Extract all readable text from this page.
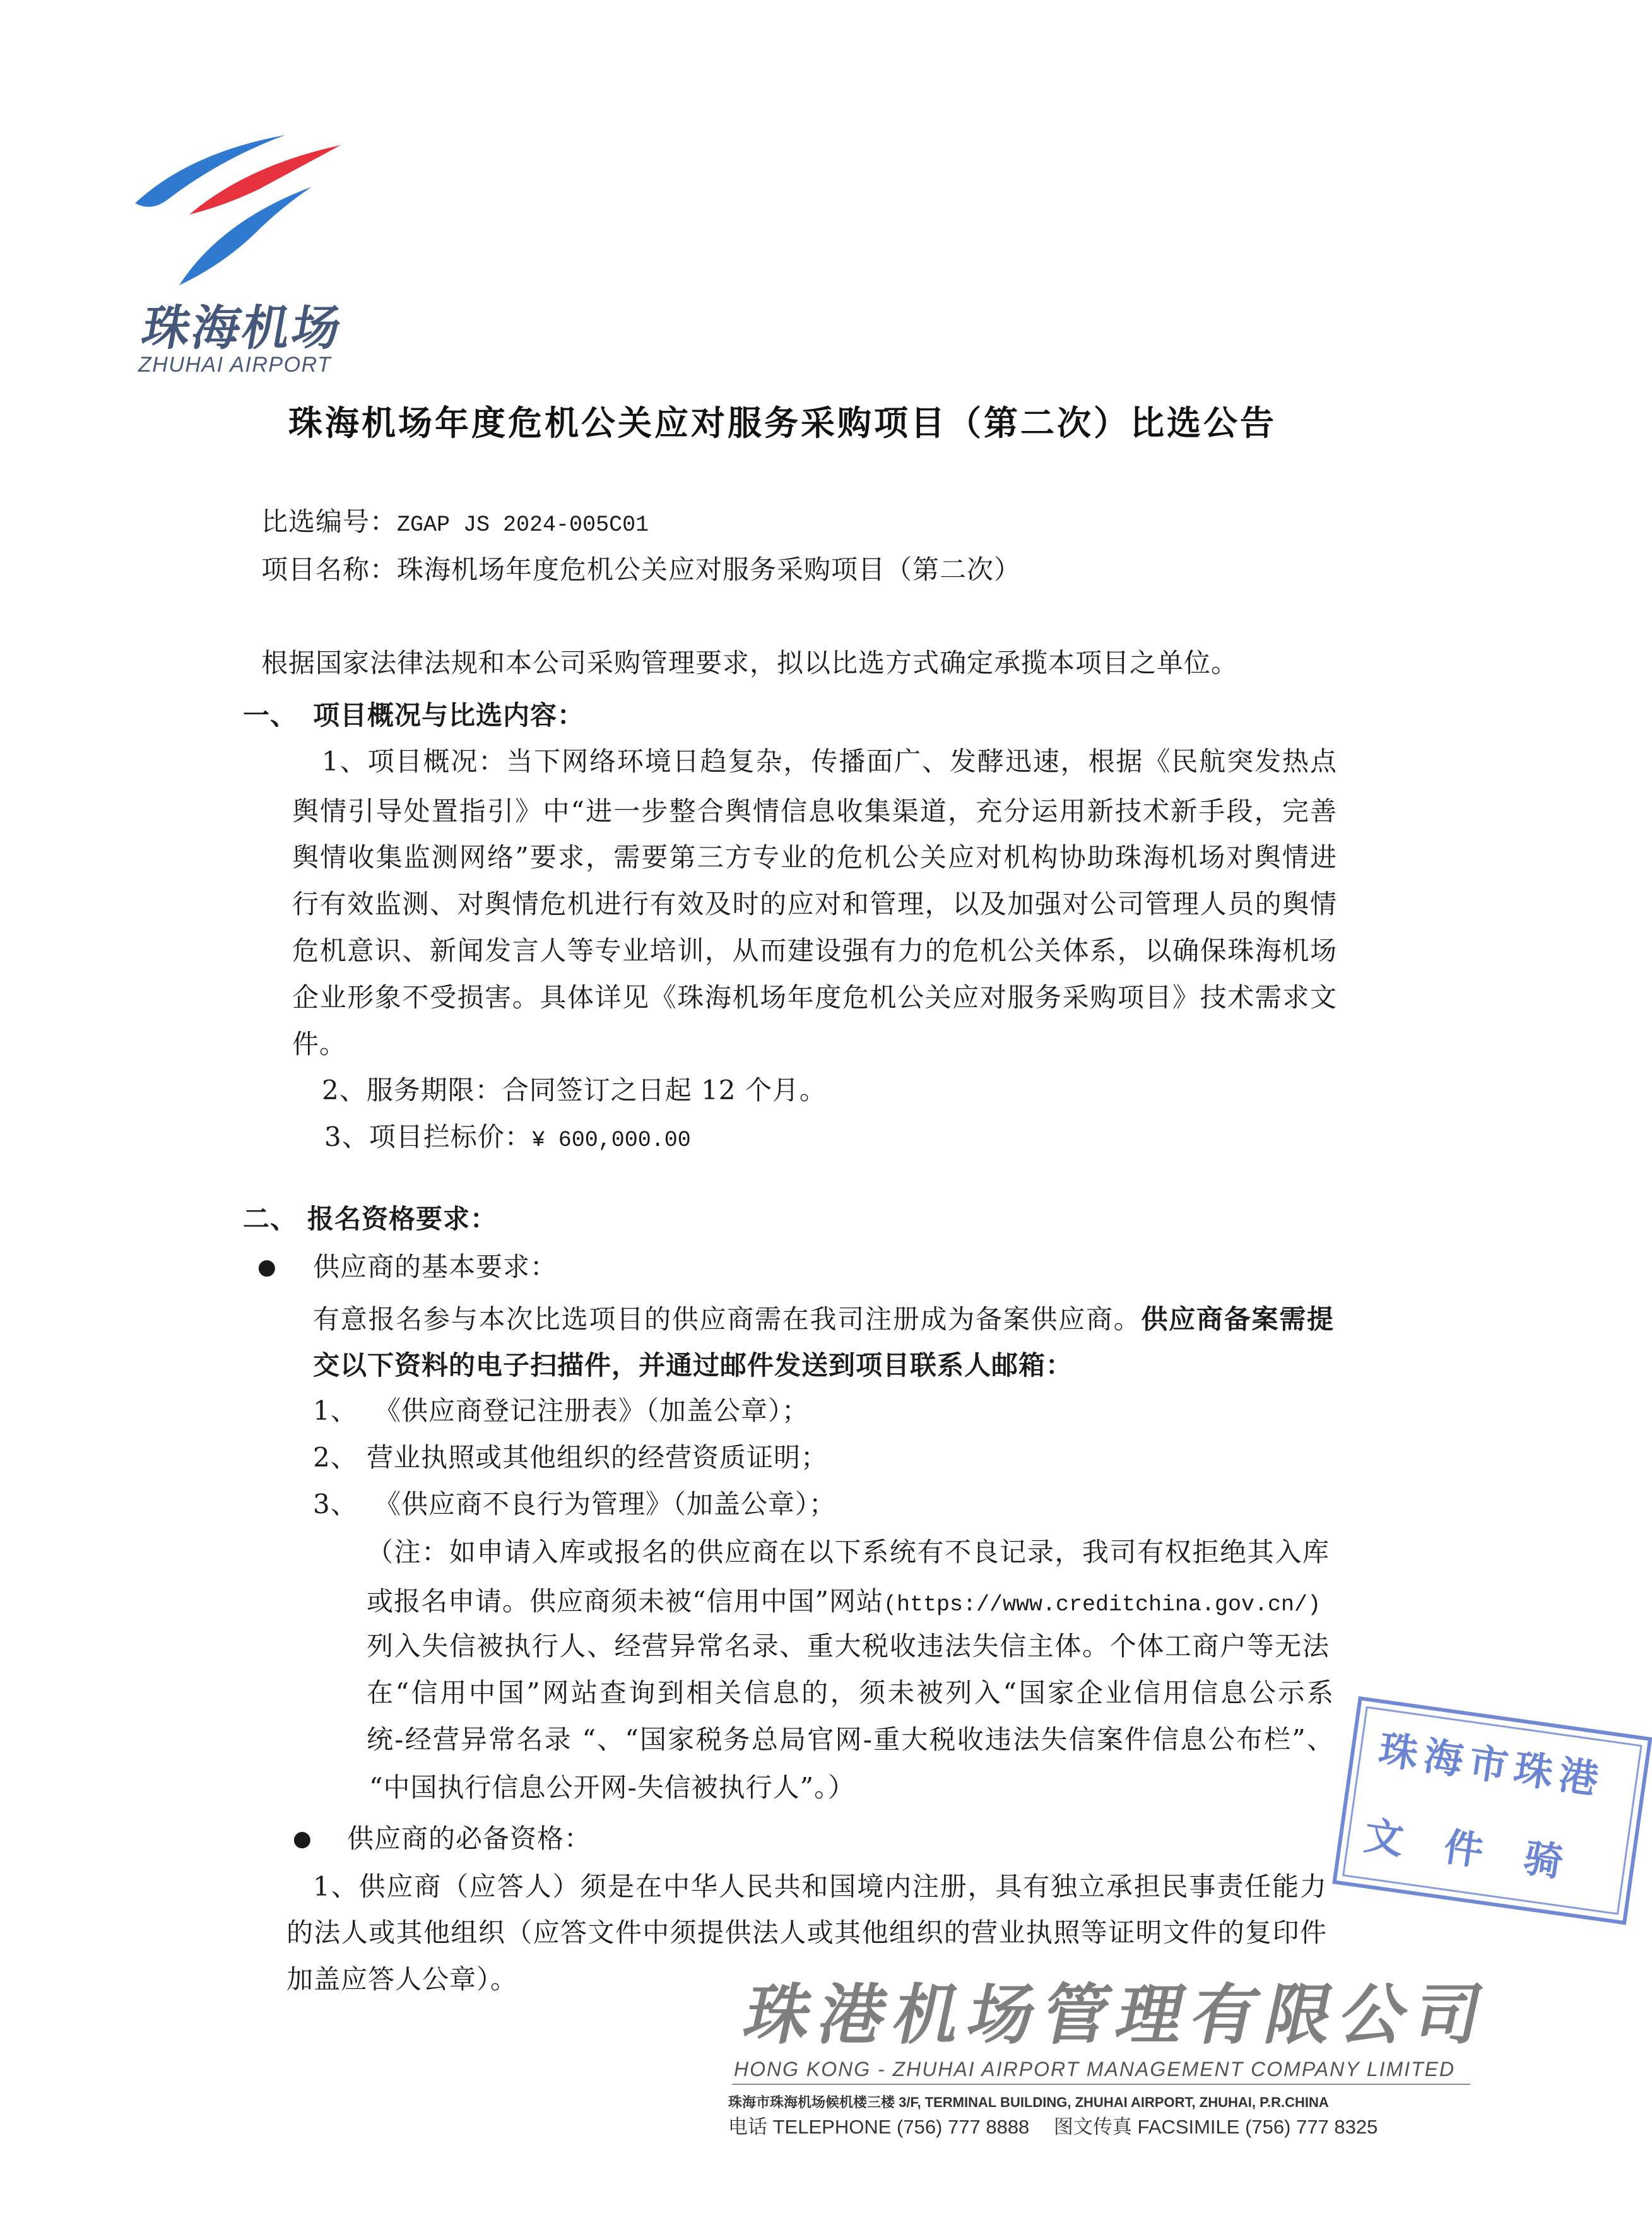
珠海机场
ZHUHAI AIRPORT
珠海机场年度危机公关应对服务采购项目（第二次）比选公告
比选编号：ZGAP JS 2024-005C01
项目名称：珠海机场年度危机公关应对服务采购项目（第二次）
根据国家法律法规和本公司采购管理要求，拟以比选方式确定承揽本项目之单位。
一、 项目概况与比选内容：
1、项目概况：当下网络环境日趋复杂，传播面广、发酵迅速，根据《民航突发热点
舆情引导处置指引》中“进一步整合舆情信息收集渠道，充分运用新技术新手段，完善
舆情收集监测网络”要求，需要第三方专业的危机公关应对机构协助珠海机场对舆情进
行有效监测、对舆情危机进行有效及时的应对和管理，以及加强对公司管理人员的舆情
危机意识、新闻发言人等专业培训，从而建设强有力的危机公关体系，以确保珠海机场
企业形象不受损害。具体详见《珠海机场年度危机公关应对服务采购项目》技术需求文
件。
2、服务期限：合同签订之日起 12 个月。
3、项目拦标价：¥ 600,000.00
二、 报名资格要求：
● 供应商的基本要求：
有意报名参与本次比选项目的供应商需在我司注册成为备案供应商。供应商备案需提
交以下资料的电子扫描件，并通过邮件发送到项目联系人邮箱：
1、 《供应商登记注册表》（加盖公章）；
2、 营业执照或其他组织的经营资质证明；
3、 《供应商不良行为管理》（加盖公章）；
（注：如申请入库或报名的供应商在以下系统有不良记录，我司有权拒绝其入库
或报名申请。供应商须未被“信用中国”网站(https://www.creditchina.gov.cn/)
列入失信被执行人、经营异常名录、重大税收违法失信主体。个体工商户等无法
在“信用中国”网站查询到相关信息的，须未被列入“国家企业信用信息公示系
统-经营异常名录 “、“国家税务总局官网-重大税收违法失信案件信息公布栏”、
“中国执行信息公开网-失信被执行人”。）
● 供应商的必备资格：
1、供应商（应答人）须是在中华人民共和国境内注册，具有独立承担民事责任能力
的法人或其他组织（应答文件中须提供法人或其他组织的营业执照等证明文件的复印件
加盖应答人公章）。
珠海市珠港
文 件 骑
珠港机场管理有限公司
HONG KONG - ZHUHAI AIRPORT MANAGEMENT COMPANY LIMITED
珠海市珠海机场候机楼三楼 3/F, TERMINAL BUILDING, ZHUHAI AIRPORT, ZHUHAI, P.R.CHINA
电话 TELEPHONE (756) 777 8888 图文传真 FACSIMILE (756) 777 8325
